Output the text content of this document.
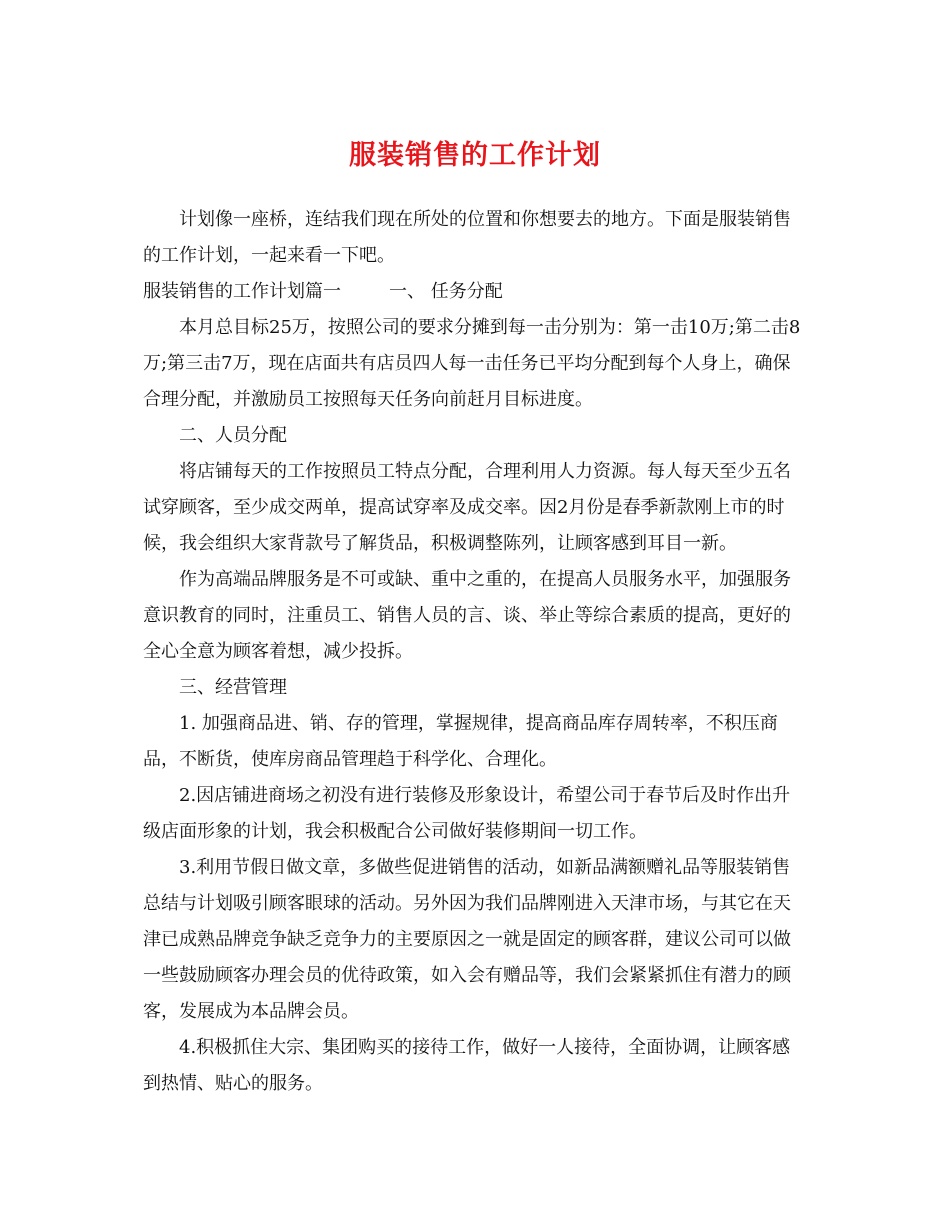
服装销售的工作计划

计划像一座桥，连结我们现在所处的位置和你想要去的地方。下面是服装销售的工作计划，一起来看一下吧。

服装销售的工作计划篇一	一、 任务分配

本月总目标25万，按照公司的要求分摊到每一击分别为：第一击10万;第二击8万;第三击7万，现在店面共有店员四人每一击任务已平均分配到每个人身上，确保合理分配，并激励员工按照每天任务向前赶月目标进度。

二、人员分配

将店铺每天的工作按照员工特点分配，合理利用人力资源。每人每天至少五名试穿顾客，至少成交两单，提高试穿率及成交率。因2月份是春季新款刚上市的时候，我会组织大家背款号了解货品，积极调整陈列，让顾客感到耳目一新。

作为高端品牌服务是不可或缺、重中之重的，在提高人员服务水平，加强服务意识教育的同时，注重员工、销售人员的言、谈、举止等综合素质的提高，更好的全心全意为顾客着想，减少投拆。

三、经营管理

1. 加强商品进、销、存的管理，掌握规律，提高商品库存周转率，不积压商品，不断货，使库房商品管理趋于科学化、合理化。

2.因店铺进商场之初没有进行装修及形象设计，希望公司于春节后及时作出升级店面形象的计划，我会积极配合公司做好装修期间一切工作。

3.利用节假日做文章，多做些促进销售的活动，如新品满额赠礼品等服装销售总结与计划吸引顾客眼球的活动。另外因为我们品牌刚进入天津市场，与其它在天津已成熟品牌竞争缺乏竞争力的主要原因之一就是固定的顾客群，建议公司可以做一些鼓励顾客办理会员的优待政策，如入会有赠品等，我们会紧紧抓住有潜力的顾客，发展成为本品牌会员。

4.积极抓住大宗、集团购买的接待工作，做好一人接待，全面协调，让顾客感到热情、贴心的服务。
